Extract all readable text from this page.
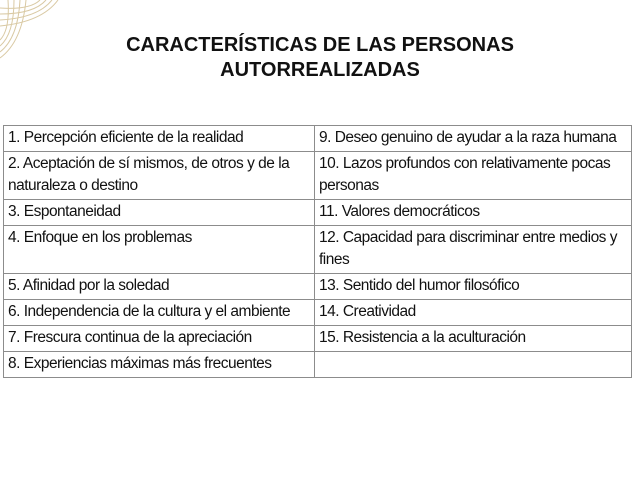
CARACTERÍSTICAS DE LAS PERSONAS
AUTORREALIZADAS
1. Percepción eficiente de la realidad	9. Deseo genuino de ayudar a la raza humana

2. Aceptación de sí mismos, de otros y de la naturaleza o destino	10. Lazos profundos con relativamente pocas personas

3. Espontaneidad	11. Valores democráticos

4. Enfoque en los problemas	12. Capacidad para discriminar entre medios y fines

5. Afinidad por la soledad	13. Sentido del humor filosófico

6. Independencia de la cultura y el ambiente	14. Creatividad

7. Frescura continua de la apreciación	15. Resistencia a la aculturación

8. Experiencias máximas más frecuentes	
